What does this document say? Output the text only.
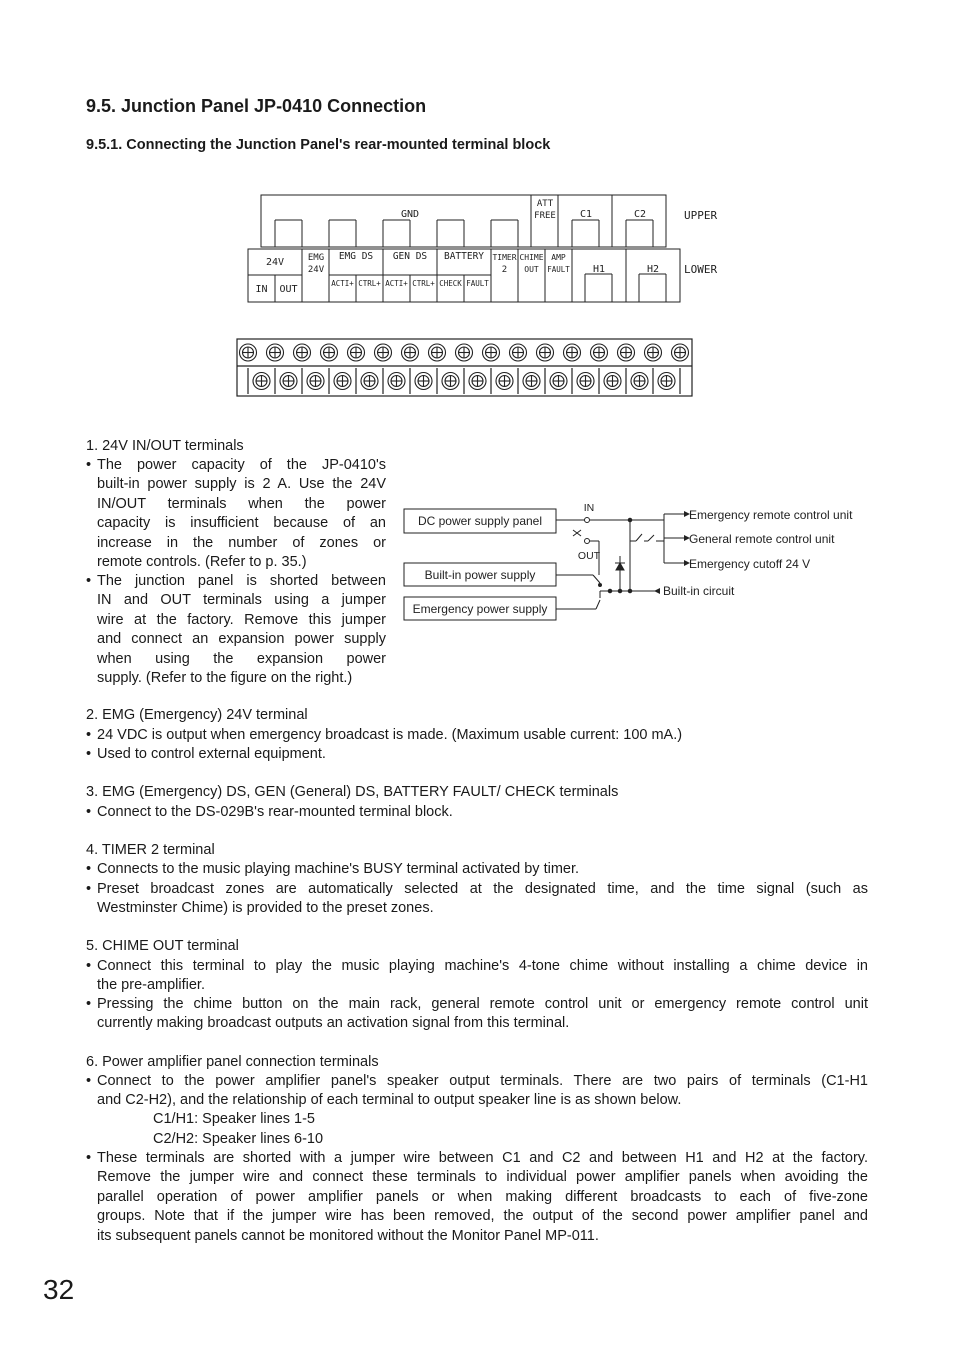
9.5. Junction Panel JP-0410 Connection
9.5.1. Connecting the Junction Panel's rear-mounted terminal block
GND
ATT
FREE C1	C2	UPPER
24V	EMG
24V
EMG DS GEN DS BATTERY TIMER
2
CHIME
OUT
AMP
FAULT H1	H2 LOWER
IN OUT
ACTI+ CTRL+ ACTI+ CTRL+ CHECK FAULT
DC power supply panel
Built-in power supply
Emergency power supply
IN
OUT
Emergency remote control unit
General remote control unit
Emergency cutoff 24 V
Built-in circuit

1. 24V IN/OUT terminals

• The power capacity of the JP-0410's
built-in power supply is 2 A. Use the 24V
IN/OUT terminals when the power
capacity is insufficient because of an
increase in the number of zones or
remote controls. (Refer to p. 35.)
• The junction panel is shorted between
IN and OUT terminals using a jumper
wire at the factory. Remove this jumper
and connect an expansion power supply
when using the expansion power
supply. (Refer to the figure on the right.)

2. EMG (Emergency) 24V terminal

• 24 VDC is output when emergency broadcast is made. (Maximum usable current: 100 mA.)

• Used to control external equipment.

3. EMG (Emergency) DS, GEN (General) DS, BATTERY FAULT/ CHECK terminals

• Connect to the DS-029B's rear-mounted terminal block.

4. TIMER 2 terminal

• Connects to the music playing machine's BUSY terminal activated by timer.

• Preset broadcast zones are automatically selected at the designated time, and the time signal (such as
Westminster Chime) is provided to the preset zones.

5. CHIME OUT terminal

• Connect this terminal to play the music playing machine's 4-tone chime without installing a chime device in
the pre-amplifier.
• Pressing the chime button on the main rack, general remote control unit or emergency remote control unit
currently making broadcast outputs an activation signal from this terminal.

6. Power amplifier panel connection terminals

• Connect to the power amplifier panel's speaker output terminals. There are two pairs of terminals (C1-H1
and C2-H2), and the relationship of each terminal to output speaker line is as shown below.

C1/H1: Speaker lines 1-5

C2/H2: Speaker lines 6-10

• These terminals are shorted with a jumper wire between C1 and C2 and between H1 and H2 at the factory.
Remove the jumper wire and connect these terminals to individual power amplifier panels when avoiding the
parallel operation of power amplifier panels or when making different broadcasts to each of five-zone
groups. Note that if the jumper wire has been removed, the output of the second power amplifier panel and
its subsequent panels cannot be monitored without the Monitor Panel MP-011.
32
